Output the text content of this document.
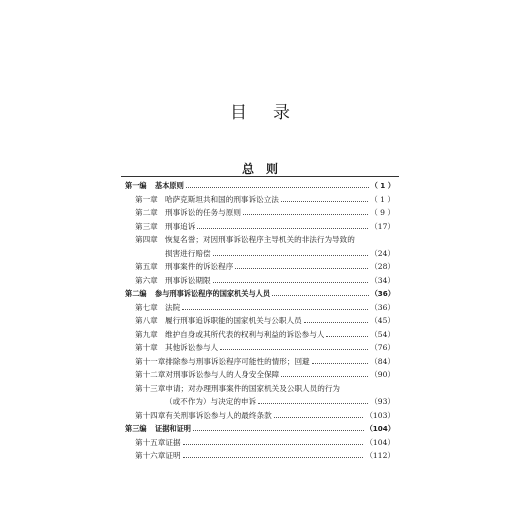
目录
总则
第一编	基本原则	（ 1 ）
第一章 哈萨克斯坦共和国的刑事诉讼立法	（ 1 ）
第二章 刑事诉讼的任务与原则	（ 9 ）
第三章 刑事追诉	（17）
第四章 恢复名誉；对因刑事诉讼程序主导机关的非法行为导致的
损害进行赔偿	（24）
第五章 刑事案件的诉讼程序	（28）
第六章 刑事诉讼期限	（34）
第二编	参与刑事诉讼程序的国家机关与人员	（36）
第七章 法院	（36）
第八章 履行刑事追诉职能的国家机关与公职人员	（45）
第九章 维护自身或其所代表的权利与利益的诉讼参与人	（54）
第十章 其他诉讼参与人	（76）
第十一章 排除参与刑事诉讼程序可能性的情形；回避	（84）
第十二章 对刑事诉讼参与人的人身安全保障	（90）
第十三章 申请；对办理刑事案件的国家机关及公职人员的行为
（或不作为）与决定的申诉	（93）
第十四章 有关刑事诉讼参与人的最终条款	（103）
第三编	证据和证明	（104）
第十五章 证据	（104）
第十六章 证明	（112）
